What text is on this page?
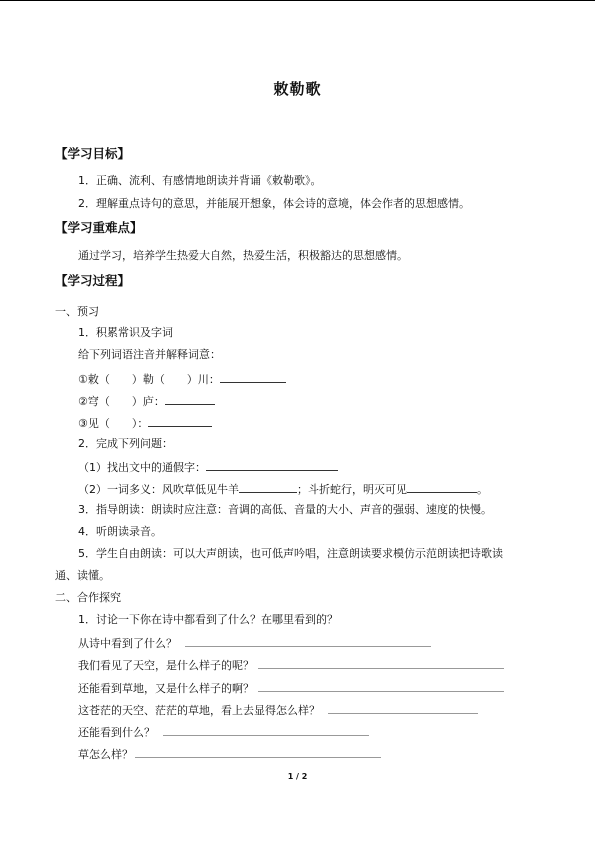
敕勒歌
【学习目标】
1．正确、流利、有感情地朗读并背诵《敕勒歌》。
2．理解重点诗句的意思，并能展开想象，体会诗的意境，体会作者的思想感情。
【学习重难点】
通过学习，培养学生热爱大自然，热爱生活，积极豁达的思想感情。
【学习过程】
一、预习
1．积累常识及字词
给下列词语注音并解释词意：
①敕（　　）勒（　　）川：
②穹（　　）庐：
③见（　　）：
2．完成下列问题：
（1）找出文中的通假字：
（2）一词多义：风吹草低见牛羊	；斗折蛇行，明灭可见	。
3．指导朗读：朗读时应注意：音调的高低、音量的大小、声音的强弱、速度的快慢。
4．听朗读录音。
5．学生自由朗读：可以大声朗读，也可低声吟唱，注意朗读要求模仿示范朗读把诗歌读
通、读懂。
二、合作探究
1．讨论一下你在诗中都看到了什么？在哪里看到的？
从诗中看到了什么？
我们看见了天空，是什么样子的呢？
还能看到草地，又是什么样子的啊？
这苍茫的天空、茫茫的草地，看上去显得怎么样？
还能看到什么？
草怎么样？
1 / 2
